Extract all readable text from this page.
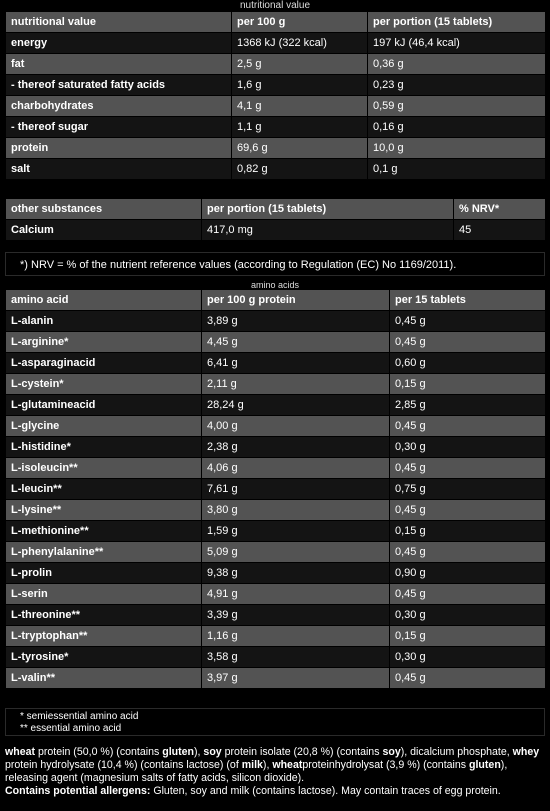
nutritional value
nutritional value	per 100 g	per portion (15 tablets)
energy	1368 kJ (322 kcal)	197 kJ (46,4 kcal)
fat	2,5 g	0,36 g
- thereof saturated fatty acids	1,6 g	0,23 g
charbohydrates	4,1 g	0,59 g
- thereof sugar	1,1 g	0,16 g
protein	69,6 g	10,0 g
salt	0,82 g	0,1 g
other substances	per portion (15 tablets)	% NRV*
Calcium	417,0 mg	45
*) NRV = % of the nutrient reference values (according to Regulation (EC) No 1169/2011).
amino acids
amino acid	per 100 g protein	per 15 tablets
L-alanin	3,89 g	0,45 g
L-arginine*	4,45 g	0,45 g
L-asparaginacid	6,41 g	0,60 g
L-cystein*	2,11 g	0,15 g
L-glutamineacid	28,24 g	2,85 g
L-glycine	4,00 g	0,45 g
L-histidine*	2,38 g	0,30 g
L-isoleucin**	4,06 g	0,45 g
L-leucin**	7,61 g	0,75 g
L-lysine**	3,80 g	0,45 g
L-methionine**	1,59 g	0,15 g
L-phenylalanine**	5,09 g	0,45 g
L-prolin	9,38 g	0,90 g
L-serin	4,91 g	0,45 g
L-threonine**	3,39 g	0,30 g
L-tryptophan**	1,16 g	0,15 g
L-tyrosine*	3,58 g	0,30 g
L-valin**	3,97 g	0,45 g
* semiessential amino acid
** essential amino acid
wheat protein (50,0 %) (contains gluten), soy protein isolate (20,8 %) (contains soy), dicalcium phosphate, whey protein hydrolysate (10,4 %) (contains lactose) (of milk), wheatproteinhydrolysat (3,9 %) (contains gluten), releasing agent (magnesium salts of fatty acids, silicon dioxide).
Contains potential allergens: Gluten, soy and milk (contains lactose). May contain traces of egg protein.
